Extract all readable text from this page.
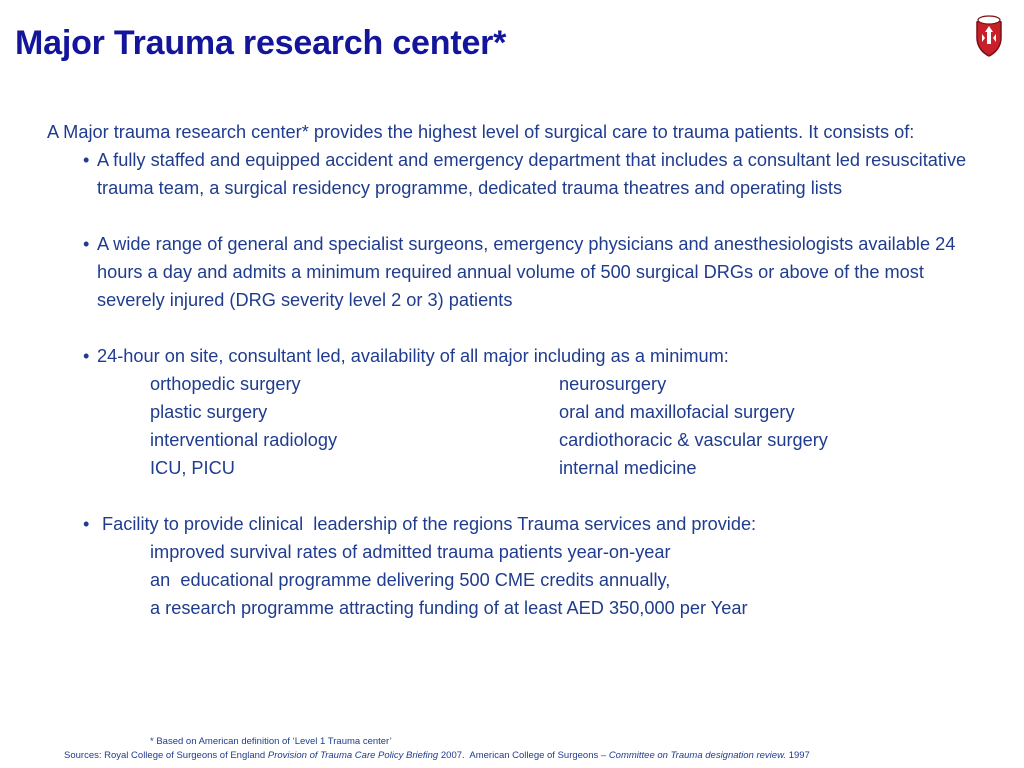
Major Trauma research center*

A Major trauma research center* provides the highest level of surgical care to trauma patients. It consists of:

• A fully staffed and equipped accident and emergency department that includes a consultant led resuscitative trauma team, a surgical residency programme, dedicated trauma theatres and operating lists

• A wide range of general and specialist surgeons, emergency physicians and anesthesiologists available 24 hours a day and admits a minimum required annual volume of 500 surgical DRGs or above of the most severely injured (DRG severity level 2 or 3) patients

• 24-hour on site, consultant led, availability of all major including as a minimum:

orthopedic surgery	neurosurgery
plastic surgery	oral and maxillofacial surgery
interventional radiology	cardiothoracic & vascular surgery
ICU, PICU	internal medicine

• Facility to provide clinical  leadership of the regions Trauma services and provide:

improved survival rates of admitted trauma patients year-on-year

an  educational programme delivering 500 CME credits annually,

a research programme attracting funding of at least AED 350,000 per Year

* Based on American definition of ‘Level 1 Trauma center’
Sources: Royal College of Surgeons of England Provision of Trauma Care Policy Briefing 2007.  American College of Surgeons – Committee on Trauma designation review. 1997
